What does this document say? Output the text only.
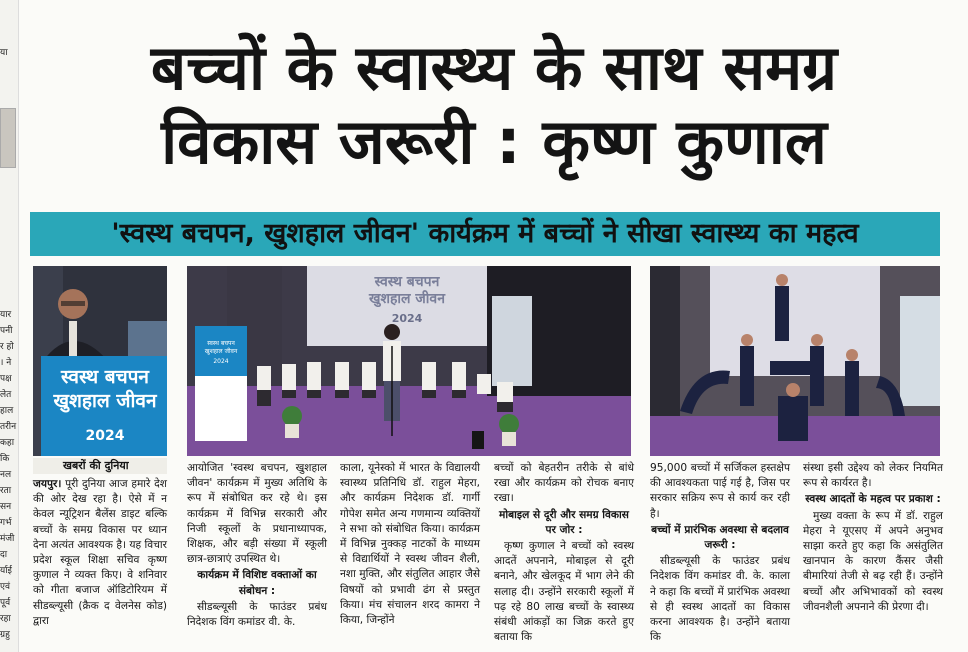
या
यार
पनी
र हो
। ने
पक्ष
लेत
हाल
तरीन
कहा
कि
नल
रता
सन
गर्भ
मंजी
दा
र्याई
एवं
पूर्व
रहा
ग्रहु
बच्चों के स्वास्थ्य के साथ समग्र
विकास जरूरी : कृष्ण कुणाल
'स्वस्थ बचपन, खुशहाल जीवन' कार्यक्रम में बच्चों ने सीखा स्वास्थ्य का महत्व
स्वस्थ बचपन
खुशहाल जीवन
2024
स्वस्थ बचपन
खुशहाल जीवन
2024
स्वस्थ बचपन
खुशहाल जीवन
2024
खबरों की दुनिया

जयपुर। पूरी दुनिया आज हमारे देश की ओर देख रहा है। ऐसे में न केवल न्यूट्रिशन बैलेंस डाइट बल्कि बच्चों के समग्र विकास पर ध्यान देना अत्यंत आवश्यक है। यह विचार प्रदेश स्कूल शिक्षा सचिव कृष्ण कुणाल ने व्यक्त किए। वे शनिवार को गीता बजाज ऑडिटोरियम में सीडब्ल्यूसी (क्रैक द वेलनेस कोड) द्वारा

आयोजित 'स्वस्थ बचपन, खुशहाल जीवन' कार्यक्रम में मुख्य अतिथि के रूप में संबोधित कर रहे थे। इस कार्यक्रम में विभिन्न सरकारी और निजी स्कूलों के प्रधानाध्यापक, शिक्षक, और बड़ी संख्या में स्कूली छात्र-छात्राएं उपस्थित थे।

कार्यक्रम में विशिष्ट वक्ताओं का संबोधन :

सीडब्ल्यूसी के फाउंडर प्रबंध निदेशक विंग कमांडर वी. के.

काला, यूनेस्को में भारत के विद्यालयी स्वास्थ्य प्रतिनिधि डॉ. राहुल मेहरा, और कार्यक्रम निदेशक डॉ. गार्गी गोपेश समेत अन्य गणमान्य व्यक्तियों ने सभा को संबोधित किया। कार्यक्रम में विभिन्न नुक्कड़ नाटकों के माध्यम से विद्यार्थियों ने स्वस्थ जीवन शैली, नशा मुक्ति, और संतुलित आहार जैसे विषयों को प्रभावी ढंग से प्रस्तुत किया। मंच संचालन शरद कामरा ने किया, जिन्होंने

बच्चों को बेहतरीन तरीके से बांधे रखा और कार्यक्रम को रोचक बनाए रखा।

मोबाइल से दूरी और समग्र विकास पर जोर :

कृष्ण कुणाल ने बच्चों को स्वस्थ आदतें अपनाने, मोबाइल से दूरी बनाने, और खेलकूद में भाग लेने की सलाह दी। उन्होंने सरकारी स्कूलों में पढ़ रहे 80 लाख बच्चों के स्वास्थ्य संबंधी आंकड़ों का जिक्र करते हुए बताया कि

95,000 बच्चों में सर्जिकल हस्तक्षेप की आवश्यकता पाई गई है, जिस पर सरकार सक्रिय रूप से कार्य कर रही है।

बच्चों में प्रारंभिक अवस्था से बदलाव जरूरी :

सीडब्ल्यूसी के फाउंडर प्रबंध निदेशक विंग कमांडर वी. के. काला ने कहा कि बच्चों में प्रारंभिक अवस्था से ही स्वस्थ आदतों का विकास करना आवश्यक है। उन्होंने बताया कि

संस्था इसी उद्देश्य को लेकर नियमित रूप से कार्यरत है।

स्वस्थ आदतों के महत्व पर प्रकाश :

मुख्य वक्ता के रूप में डॉ. राहुल मेहरा ने यूएसए में अपने अनुभव साझा करते हुए कहा कि असंतुलित खानपान के कारण कैंसर जैसी बीमारियां तेजी से बढ़ रही हैं। उन्होंने बच्चों और अभिभावकों को स्वस्थ जीवनशैली अपनाने की प्रेरणा दी।
